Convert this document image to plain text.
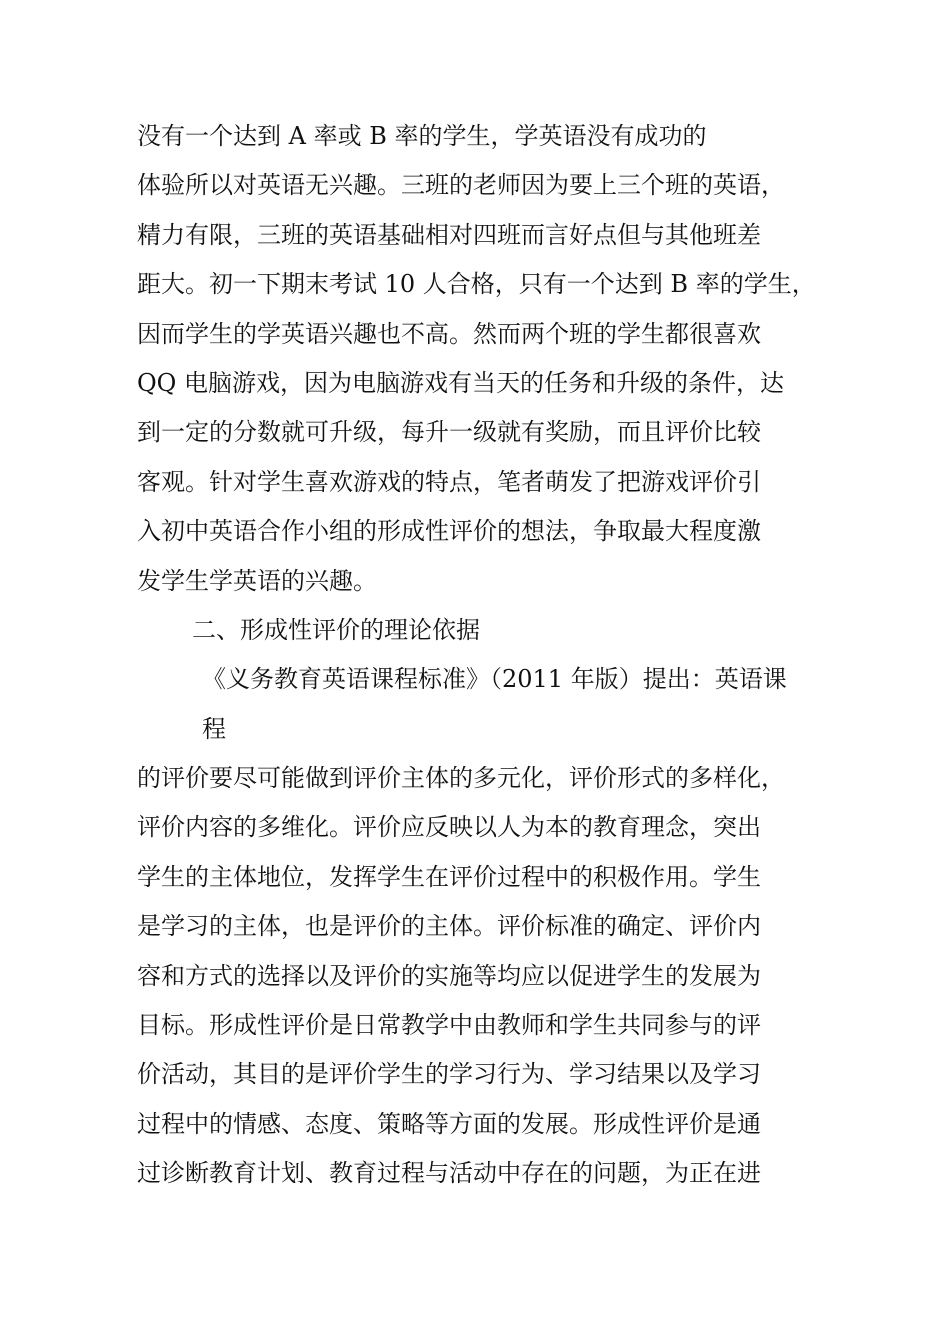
没有一个达到 A 率或 B 率的学生，学英语没有成功的
体验所以对英语无兴趣。三班的老师因为要上三个班的英语，
精力有限，三班的英语基础相对四班而言好点但与其他班差
距大。初一下期末考试 10 人合格，只有一个达到 B 率的学生，
因而学生的学英语兴趣也不高。然而两个班的学生都很喜欢
QQ 电脑游戏，因为电脑游戏有当天的任务和升级的条件，达
到一定的分数就可升级，每升一级就有奖励，而且评价比较
客观。针对学生喜欢游戏的特点，笔者萌发了把游戏评价引
入初中英语合作小组的形成性评价的想法，争取最大程度激
发学生学英语的兴趣。
二、形成性评价的理论依据
《义务教育英语课程标准》（2011 年版）提出：英语课
程
的评价要尽可能做到评价主体的多元化，评价形式的多样化，
评价内容的多维化。评价应反映以人为本的教育理念，突出
学生的主体地位，发挥学生在评价过程中的积极作用。学生
是学习的主体，也是评价的主体。评价标准的确定、评价内
容和方式的选择以及评价的实施等均应以促进学生的发展为
目标。形成性评价是日常教学中由教师和学生共同参与的评
价活动，其目的是评价学生的学习行为、学习结果以及学习
过程中的情感、态度、策略等方面的发展。形成性评价是通
过诊断教育计划、教育过程与活动中存在的问题，为正在进
